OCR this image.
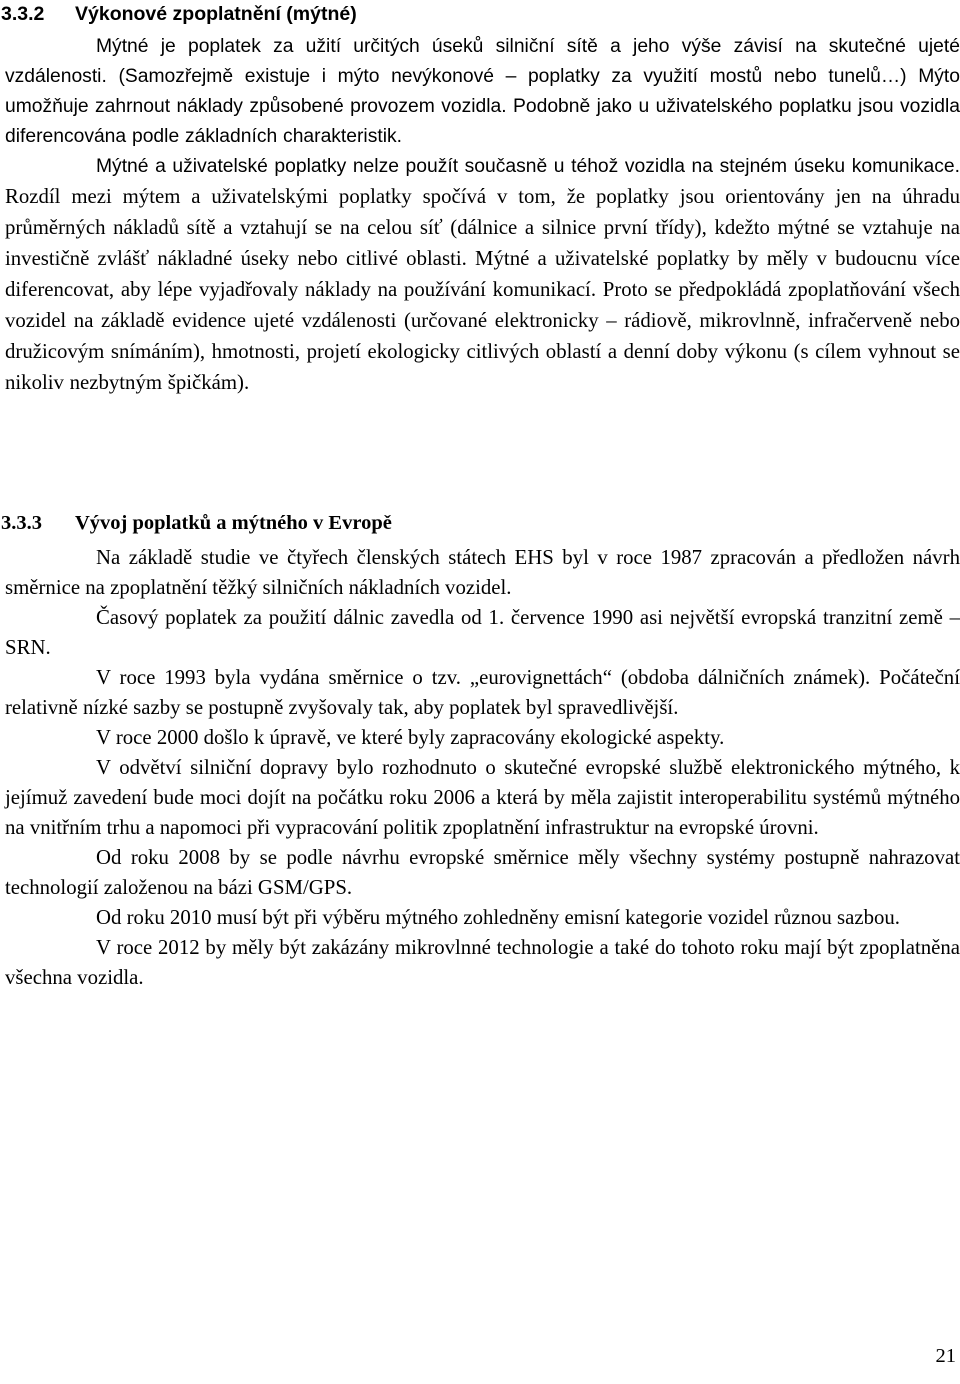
3.3.2 Výkonové zpoplatnění (mýtné)

Mýtné je poplatek za užití určitých úseků silniční sítě a jeho výše závisí na skutečné ujeté vzdálenosti. (Samozřejmě existuje i mýto nevýkonové – poplatky za využití mostů nebo tunelů…) Mýto umožňuje zahrnout náklady způsobené provozem vozidla. Podobně jako u uživatelského poplatku jsou vozidla diferencována podle základních charakteristik.

Mýtné a uživatelské poplatky nelze použít současně u téhož vozidla na stejném úseku komunikace. Rozdíl mezi mýtem a uživatelskými poplatky spočívá v tom, že poplatky jsou orientovány jen na úhradu průměrných nákladů sítě a vztahují se na celou síť (dálnice a silnice první třídy), kdežto mýtné se vztahuje na investičně zvlášť nákladné úseky nebo citlivé oblasti. Mýtné a uživatelské poplatky by měly v budoucnu více diferencovat, aby lépe vyjadřovaly náklady na používání komunikací. Proto se předpokládá zpoplatňování všech vozidel na základě evidence ujeté vzdálenosti (určované elektronicky – rádiově, mikrovlnně, infračerveně nebo družicovým snímáním), hmotnosti, projetí ekologicky citlivých oblastí a denní doby výkonu (s cílem vyhnout se nikoliv nezbytným špičkám).

3.3.3 Vývoj poplatků a mýtného v Evropě

Na základě studie ve čtyřech členských státech EHS byl v roce 1987 zpracován a předložen návrh směrnice na zpoplatnění těžký silničních nákladních vozidel.

Časový poplatek za použití dálnic zavedla od 1. července 1990 asi největší evropská tranzitní země – SRN.

V roce 1993 byla vydána směrnice o tzv. „eurovignettách“ (obdoba dálničních známek). Počáteční relativně nízké sazby se postupně zvyšovaly tak, aby poplatek byl spravedlivější.

V roce 2000 došlo k úpravě, ve které byly zapracovány ekologické aspekty.

V odvětví silniční dopravy bylo rozhodnuto o skutečné evropské službě elektronického mýtného, k jejímuž zavedení bude moci dojít na počátku roku 2006 a která by měla zajistit interoperabilitu systémů mýtného na vnitřním trhu a napomoci při vypracování politik zpoplatnění infrastruktur na evropské úrovni.

Od roku 2008 by se podle návrhu evropské směrnice měly všechny systémy postupně nahrazovat technologií založenou na bázi GSM/GPS.

Od roku 2010 musí být při výběru mýtného zohledněny emisní kategorie vozidel různou sazbou.

V roce 2012 by měly být zakázány mikrovlnné technologie a také do tohoto roku mají být zpoplatněna všechna vozidla.

21
